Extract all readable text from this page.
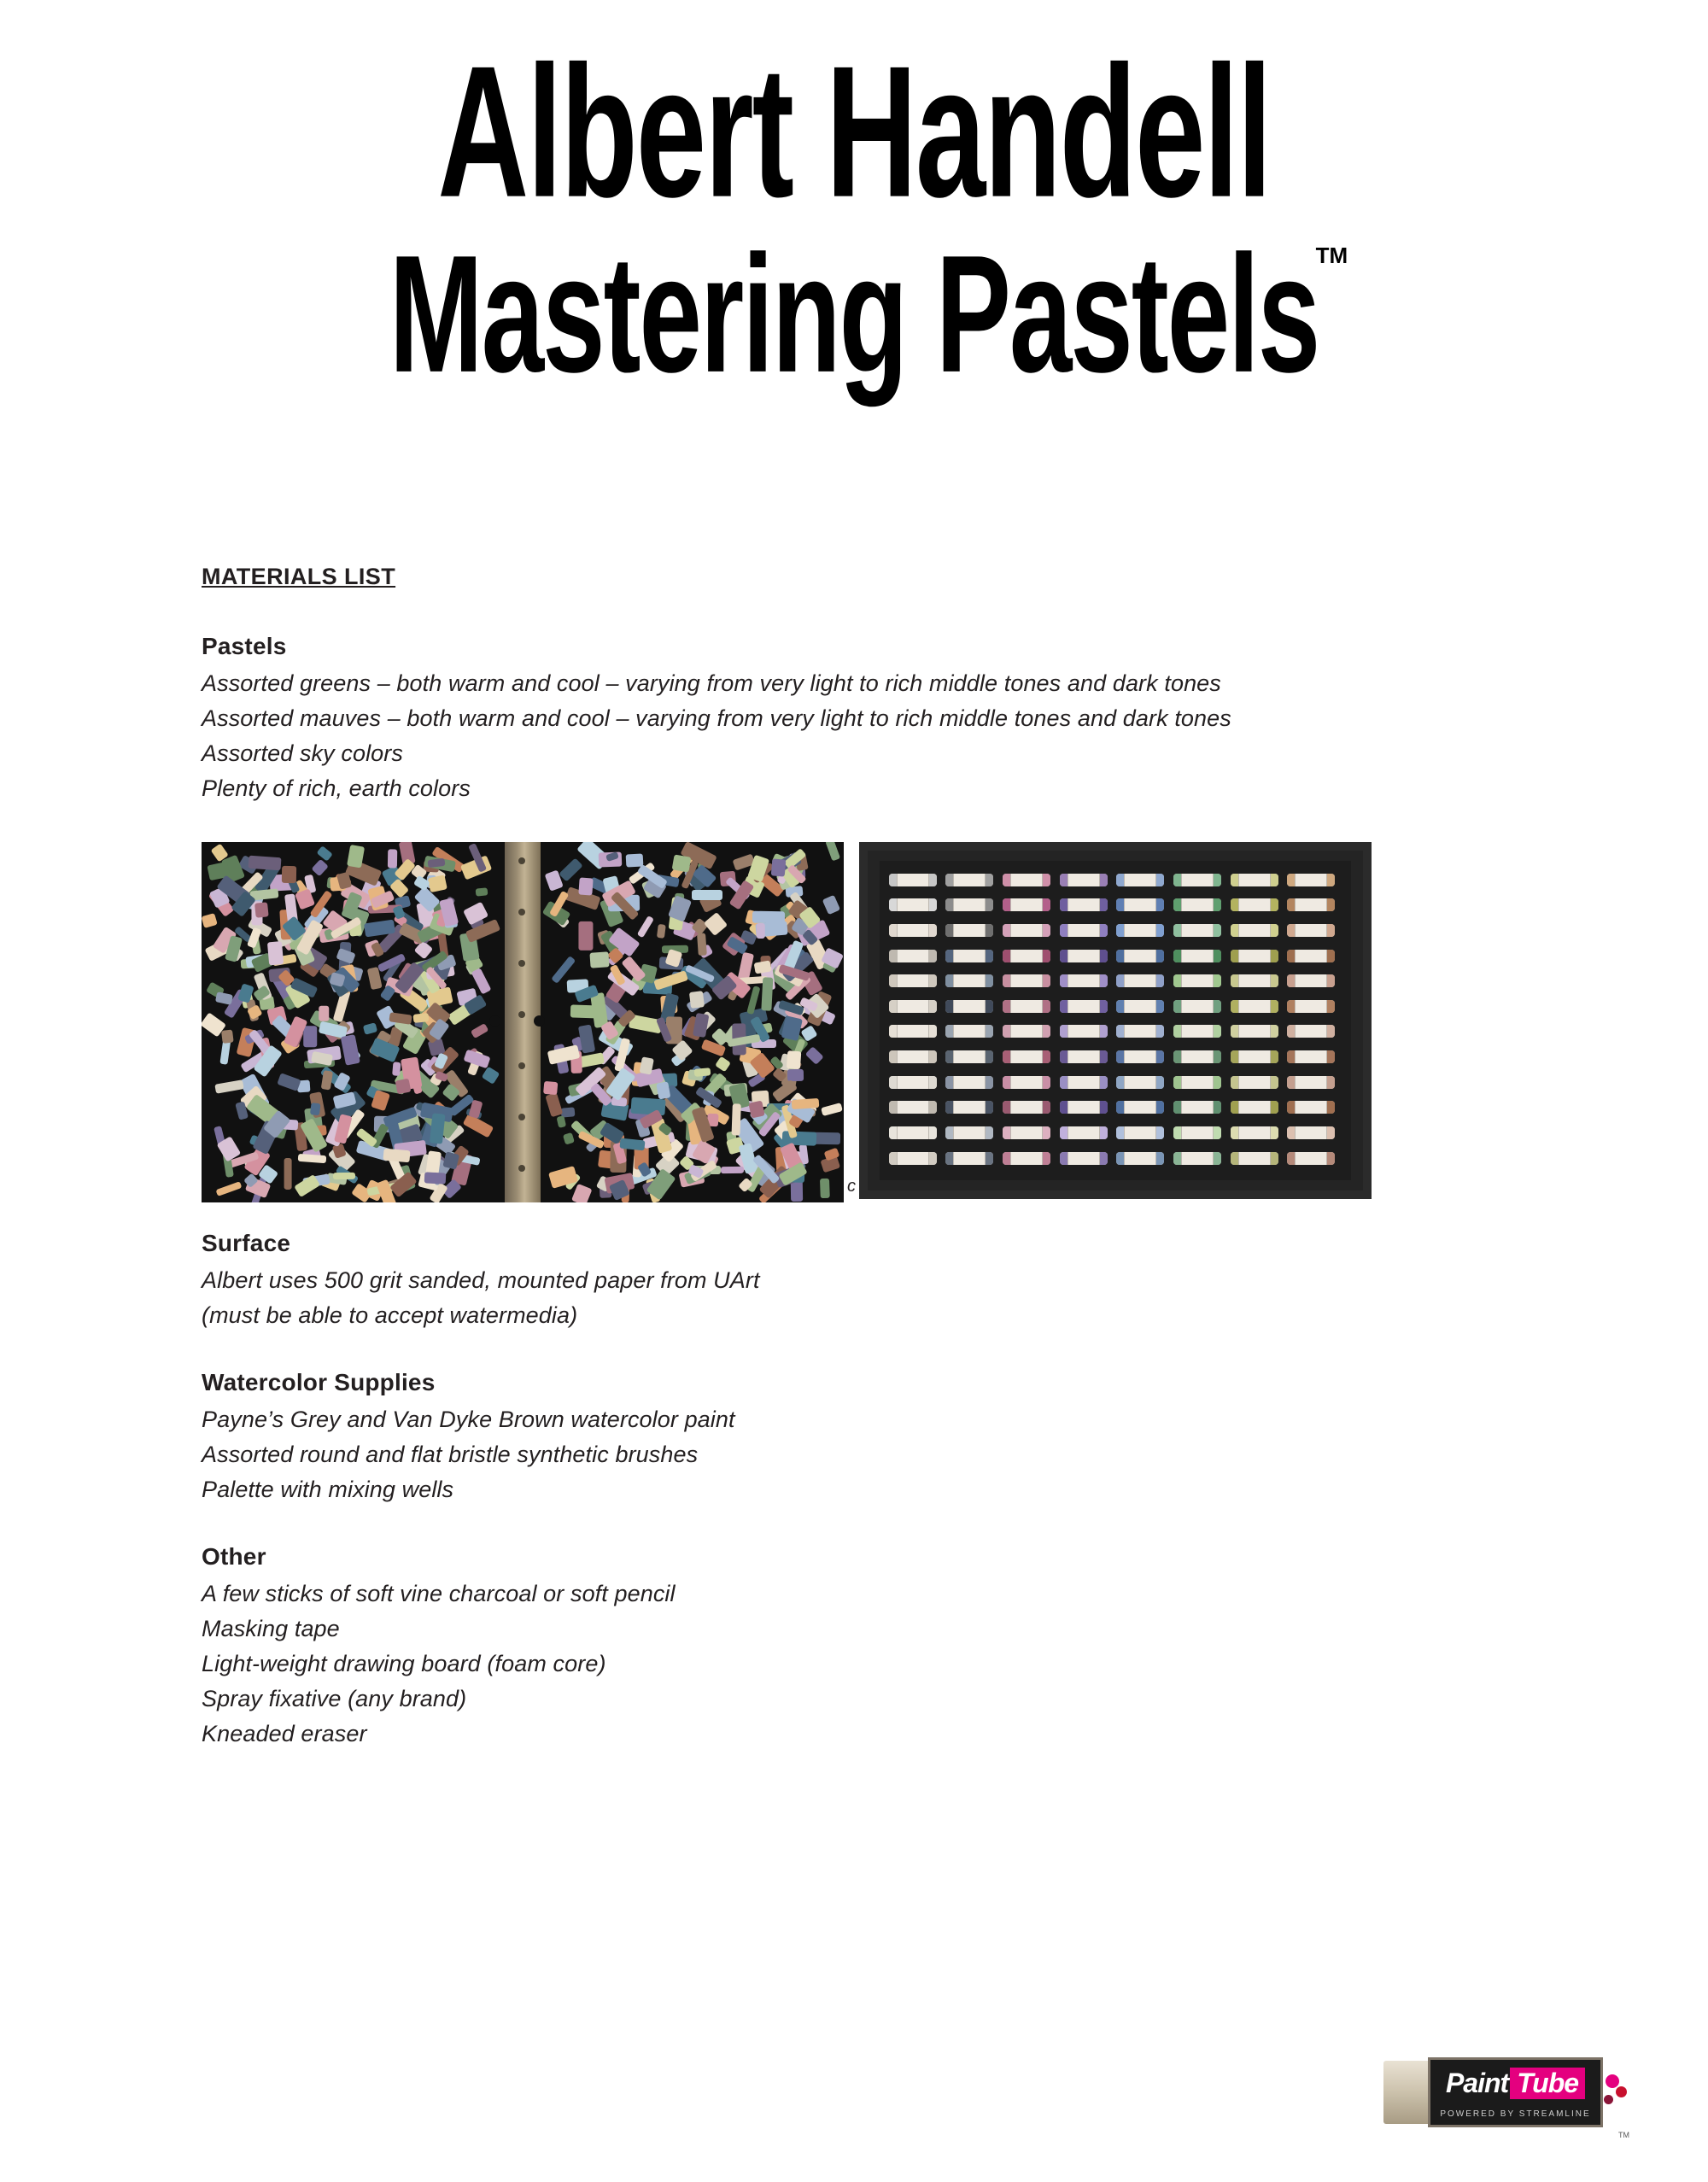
Albert Handell
Mastering Pastels
TM
MATERIALS LIST
Pastels
Assorted greens – both warm and cool – varying from very light to rich middle tones and dark tones
Assorted mauves – both warm and cool – varying from very light to rich middle tones and dark tones
Assorted sky colors
Plenty of rich, earth colors
c
Surface
Albert uses 500 grit sanded, mounted paper from UArt
(must be able to accept watermedia)
Watercolor Supplies
Payne’s Grey and Van Dyke Brown watercolor paint
Assorted round and flat bristle synthetic brushes
Palette with mixing wells
Other
A few sticks of soft vine charcoal or soft pencil
Masking tape
Light-weight drawing board (foam core)
Spray fixative (any brand)
Kneaded eraser
Paint Tube
POWERED BY STREAMLINE
TM
